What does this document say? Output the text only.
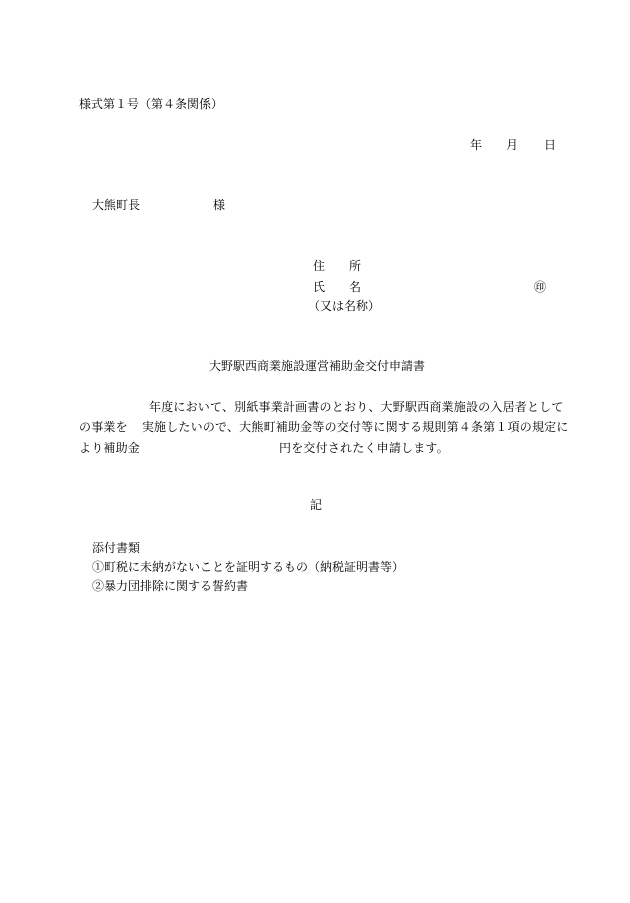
様式第１号（第４条関係）
年 月 日
大熊町長	様
住　　所
氏　　名	㊞
（又は名称）
大野駅西商業施設運営補助金交付申請書
年度において、別紙事業計画書のとおり、大野駅西商業施設の入居者として
の事業を 実施したいので、大熊町補助金等の交付等に関する規則第４条第１項の規定に
より補助金	円を交付されたく申請します。
記
添付書類
①町税に未納がないことを証明するもの（納税証明書等）
②暴力団排除に関する誓約書
